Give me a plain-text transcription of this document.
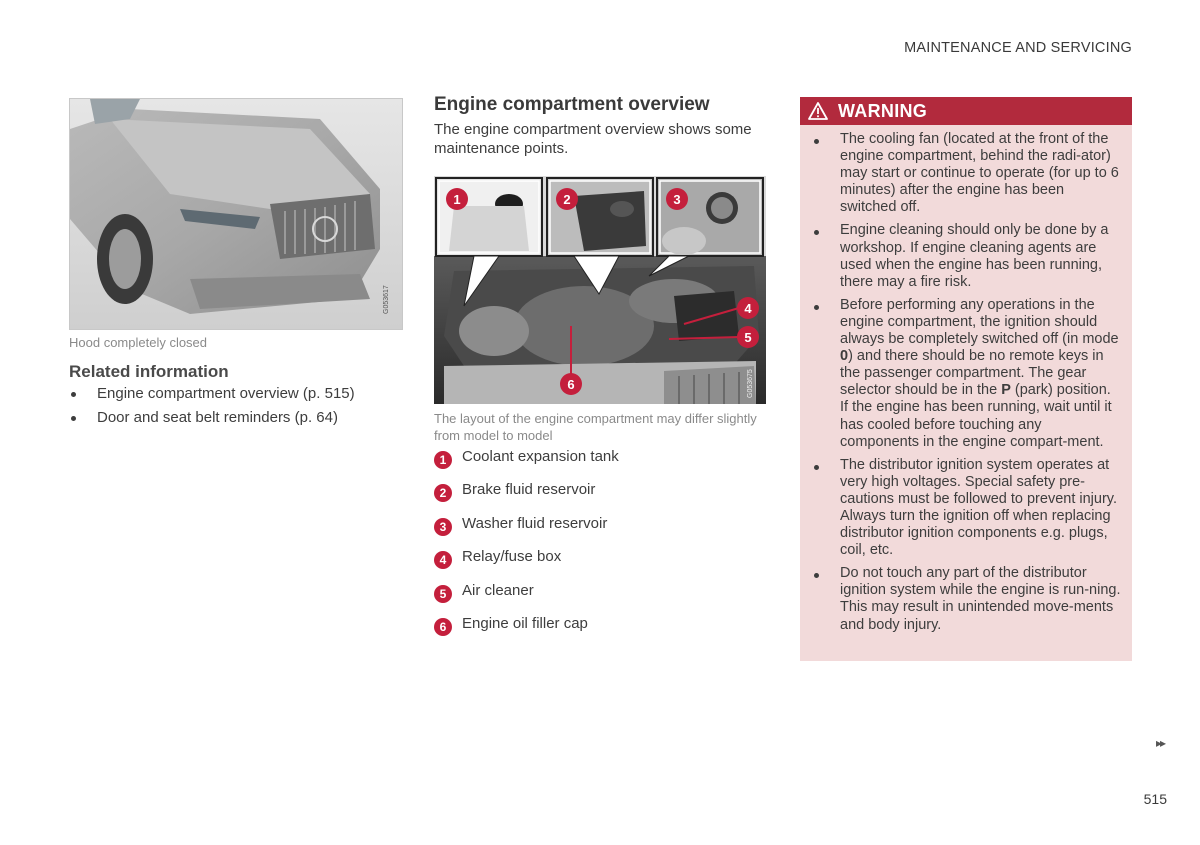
MAINTENANCE AND SERVICING
G053617
Hood completely closed
Related information
Engine compartment overview (p. 515)
Door and seat belt reminders (p. 64)
Engine compartment overview
The engine compartment overview shows some maintenance points.
1	2	3
4
5
6	G053675
The layout of the engine compartment may differ slightly from model to model
1	Coolant expansion tank
2	Brake fluid reservoir
3	Washer fluid reservoir
4	Relay/fuse box
5	Air cleaner
6	Engine oil filler cap
WARNING
The cooling fan (located at the front of the engine compartment, behind the radi-ator) may start or continue to operate (for up to 6 minutes) after the engine has been switched off.
Engine cleaning should only be done by a workshop. If engine cleaning agents are used when the engine has been running, there may a fire risk.
Before performing any operations in the engine compartment, the ignition should always be completely switched off (in mode 0) and there should be no remote keys in the passenger compartment. The gear selector should be in the P (park) position. If the engine has been running, wait until it has cooled before touching any components in the engine compart-ment.
The distributor ignition system operates at very high voltages. Special safety pre-cautions must be followed to prevent injury. Always turn the ignition off when replacing distributor ignition components e.g. plugs, coil, etc.
Do not touch any part of the distributor ignition system while the engine is run-ning. This may result in unintended move-ments and body injury.
▸▸
515
